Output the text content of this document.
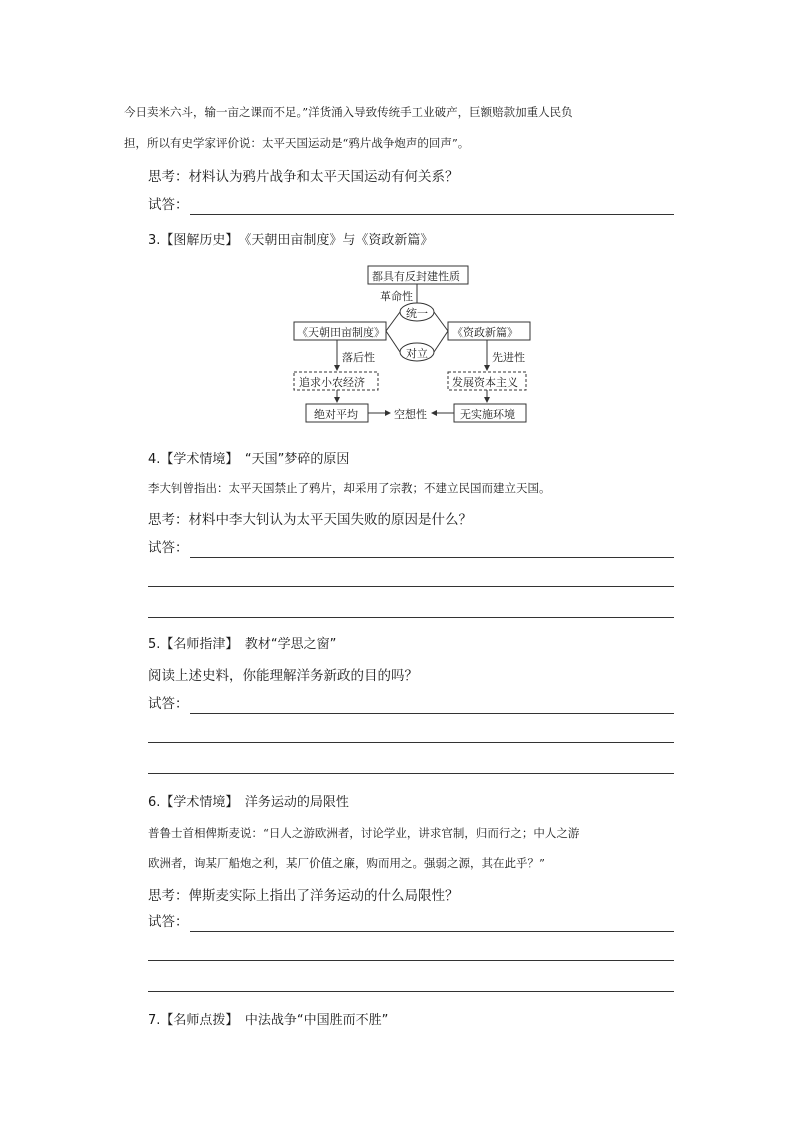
今日卖米六斗，输一亩之课而不足。”洋货涌入导致传统手工业破产，巨额赔款加重人民负
担，所以有史学家评价说：太平天国运动是“鸦片战争炮声的回声”。
思考：材料认为鸦片战争和太平天国运动有何关系？
试答：
3.【图解历史】　《天朝田亩制度》与《资政新篇》
都具有反封建性质
革命性
统一
对立
《天朝田亩制度》	《资政新篇》
落后性	先进性
追求小农经济	发展资本主义
绝对平均	空想性	无实施环境
4.【学术情境】　“天国”梦碎的原因
李大钊曾指出：太平天国禁止了鸦片，却采用了宗教；不建立民国而建立天国。
思考：材料中李大钊认为太平天国失败的原因是什么？
试答：
5.【名师指津】　教材“学思之窗”
阅读上述史料，你能理解洋务新政的目的吗？
试答：
6.【学术情境】　洋务运动的局限性
普鲁士首相俾斯麦说：“日人之游欧洲者，讨论学业，讲求官制，归而行之；中人之游
欧洲者，询某厂船炮之利，某厂价值之廉，购而用之。强弱之源，其在此乎？”
思考：俾斯麦实际上指出了洋务运动的什么局限性？
试答：
7.【名师点拨】　中法战争“中国胜而不胜”
